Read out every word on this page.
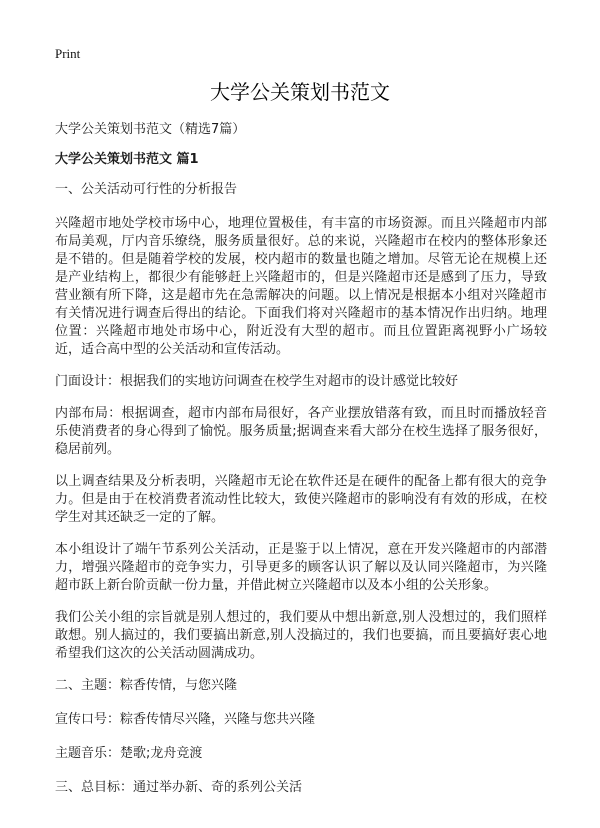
Print
大学公关策划书范文

大学公关策划书范文（精选7篇）

大学公关策划书范文 篇1

一、公关活动可行性的分析报告

兴隆超市地处学校市场中心，地理位置极佳，有丰富的市场资源。而且兴隆超市内部布局美观，厅内音乐缭绕，服务质量很好。总的来说，兴隆超市在校内的整体形象还是不错的。但是随着学校的发展，校内超市的数量也随之增加。尽管无论在规模上还是产业结构上，都很少有能够赶上兴隆超市的，但是兴隆超市还是感到了压力，导致营业额有所下降，这是超市先在急需解决的问题。以上情况是根据本小组对兴隆超市有关情况进行调查后得出的结论。下面我们将对兴隆超市的基本情况作出归纳。地理位置：兴隆超市地处市场中心，附近没有大型的超市。而且位置距离视野小广场较近，适合高中型的公关活动和宣传活动。

门面设计：根据我们的实地访问调查在校学生对超市的设计感觉比较好

内部布局：根据调查，超市内部布局很好，各产业摆放错落有致，而且时而播放轻音乐使消费者的身心得到了愉悦。服务质量;据调查来看大部分在校生选择了服务很好，稳居前列。

以上调查结果及分析表明，兴隆超市无论在软件还是在硬件的配备上都有很大的竞争力。但是由于在校消费者流动性比较大，致使兴隆超市的影响没有有效的形成，在校学生对其还缺乏一定的了解。

本小组设计了端午节系列公关活动，正是鉴于以上情况，意在开发兴隆超市的内部潜力，增强兴隆超市的竞争实力，引导更多的顾客认识了解以及认同兴隆超市，为兴隆超市跃上新台阶贡献一份力量，并借此树立兴隆超市以及本小组的公关形象。

我们公关小组的宗旨就是别人想过的，我们要从中想出新意,别人没想过的，我们照样敢想。别人搞过的，我们要搞出新意,别人没搞过的，我们也要搞，而且要搞好衷心地希望我们这次的公关活动圆满成功。

二、主题：粽香传情，与您兴隆

宣传口号：粽香传情尽兴隆，兴隆与您共兴隆

主题音乐：楚歌;龙舟竞渡

三、总目标：通过举办新、奇的系列公关活
